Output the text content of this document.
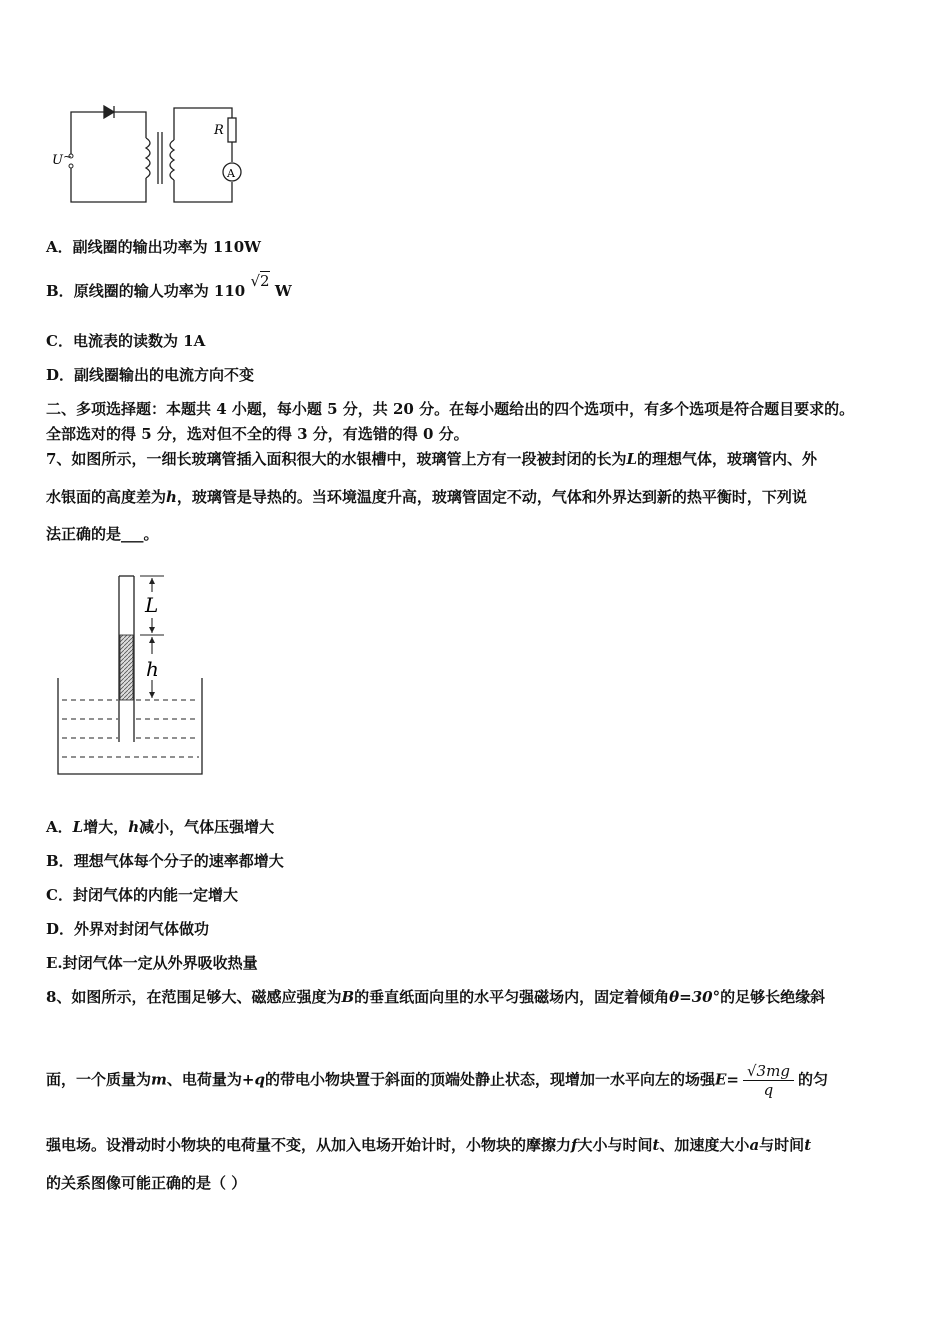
U ~
R
A
A．副线圈的输出功率为 110W
B．原线圈的输人功率为 110 √2 W
C．电流表的读数为 1A
D．副线圈输出的电流方向不变
二、多项选择题：本题共 4 小题，每小题 5 分，共 20 分。在每小题给出的四个选项中，有多个选项是符合题目要求的。
全部选对的得 5 分，选对但不全的得 3 分，有选错的得 0 分。
7、如图所示，一细长玻璃管插入面积很大的水银槽中，玻璃管上方有一段被封闭的长为L的理想气体，玻璃管内、外
水银面的高度差为h，玻璃管是导热的。当环境温度升高，玻璃管固定不动，气体和外界达到新的热平衡时，下列说
法正确的是___。
L
h
A．L增大，h减小，气体压强增大
B．理想气体每个分子的速率都增大
C．封闭气体的内能一定增大
D．外界对封闭气体做功
E.封闭气体一定从外界吸收热量
8、如图所示，在范围足够大、磁感应强度为B的垂直纸面向里的水平匀强磁场内，固定着倾角θ=30°的足够长绝缘斜
面，一个质量为m、电荷量为+q的带电小物块置于斜面的顶端处静止状态，现增加一水平向左的场强$E= \frac{√3mg}{q}$ 的匀
强电场。设滑动时小物块的电荷量不变，从加入电场开始计时，小物块的摩擦力f大小与时间t、加速度大小a与时间t
的关系图像可能正确的是（ ）
